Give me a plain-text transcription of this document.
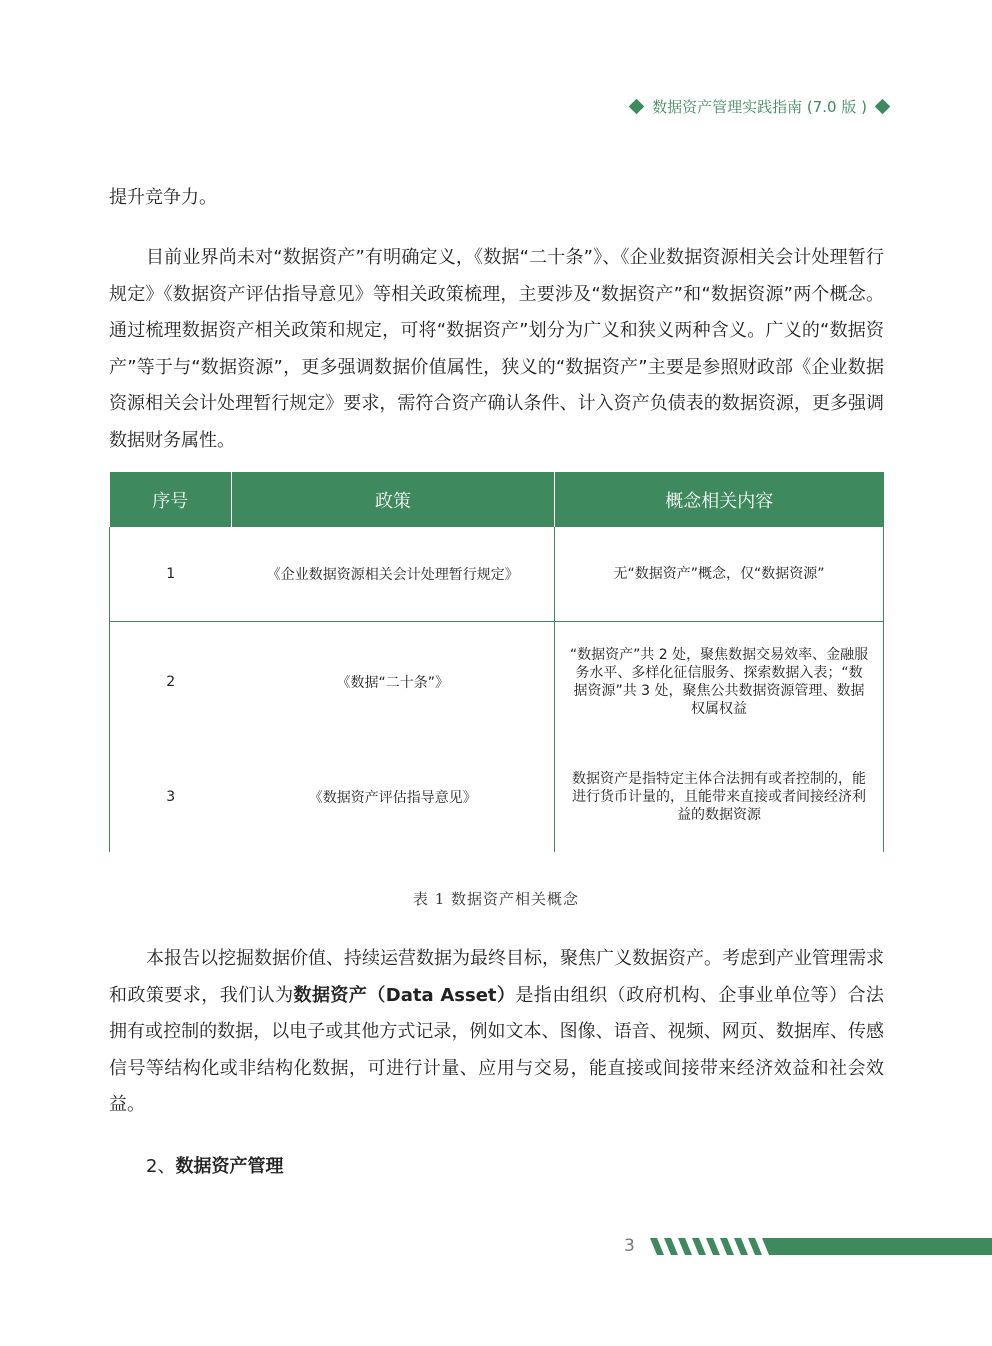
数据资产管理实践指南 (7.0 版 )

提升竞争力。

目前业界尚未对“数据资产”有明确定义，《数据“二十条”》、《企业数据资源相关会计处理暂行规定》《数据资产评估指导意见》等相关政策梳理，主要涉及“数据资产”和“数据资源”两个概念。通过梳理数据资产相关政策和规定，可将“数据资产”划分为广义和狭义两种含义。广义的“数据资产”等于与“数据资源”，更多强调数据价值属性，狭义的“数据资产”主要是参照财政部《企业数据资源相关会计处理暂行规定》要求，需符合资产确认条件、计入资产负债表的数据资源，更多强调数据财务属性。

序号	政策	概念相关内容
1	《企业数据资源相关会计处理暂行规定》	无“数据资产”概念，仅“数据资源”
2	《数据“二十条”》	“数据资产”共 2 处，聚焦数据交易效率、金融服务水平、多样化征信服务、探索数据入表；“数据资源”共 3 处，聚焦公共数据资源管理、数据权属权益
3	《数据资产评估指导意见》	数据资产是指特定主体合法拥有或者控制的，能进行货币计量的，且能带来直接或者间接经济利益的数据资源
表 1 数据资产相关概念

本报告以挖掘数据价值、持续运营数据为最终目标，聚焦广义数据资产。考虑到产业管理需求和政策要求，我们认为数据资产（Data Asset）是指由组织（政府机构、企事业单位等）合法拥有或控制的数据，以电子或其他方式记录，例如文本、图像、语音、视频、网页、数据库、传感信号等结构化或非结构化数据，可进行计量、应用与交易，能直接或间接带来经济效益和社会效益。

2、数据资产管理

3
